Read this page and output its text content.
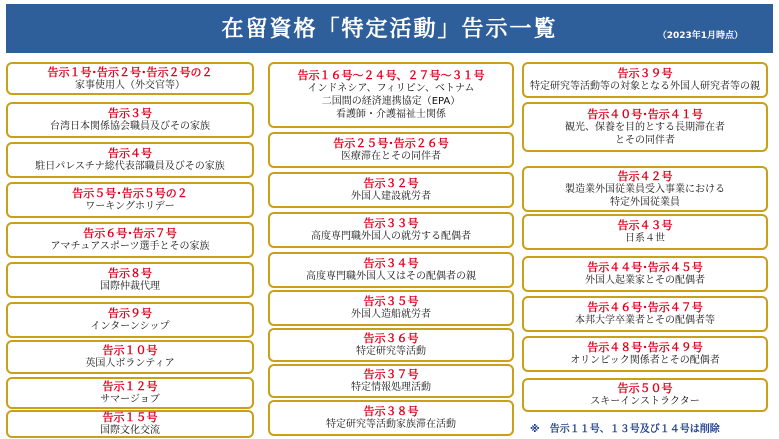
在留資格「特定活動」告示一覧	（2023年1月時点）
告示１号･告示２号･告示２号の２
家事使用人（外交官等）
告示３号
台湾日本関係協会職員及びその家族
告示４号
駐日パレスチナ総代表部職員及びその家族
告示５号･告示５号の２
ワーキングホリデー
告示６号･告示７号
アマチュアスポーツ選手とその家族
告示８号
国際仲裁代理
告示９号
インターンシップ
告示１０号
英国人ボランティア
告示１２号
サマージョブ
告示１５号
国際文化交流
告示１６号～２４号、２７号～３１号
インドネシア、フィリピン、ベトナム
二国間の経済連携協定（EPA）
看護師・介護福祉士関係
告示２５号･告示２６号
医療滞在とその同伴者
告示３２号
外国人建設就労者
告示３３号
高度専門職外国人の就労する配偶者
告示３４号
高度専門職外国人又はその配偶者の親
告示３５号
外国人造船就労者
告示３６号
特定研究等活動
告示３７号
特定情報処理活動
告示３８号
特定研究等活動家族滞在活動
告示３９号
特定研究等活動等の対象となる外国人研究者等の親
告示４０号･告示４１号
観光、保養を目的とする長期滞在者
とその同伴者
告示４２号
製造業外国従業員受入事業における
特定外国従業員
告示４３号
日系４世
告示４４号･告示４５号
外国人起業家とその配偶者
告示４６号･告示４７号
本邦大学卒業者とその配偶者等
告示４８号･告示４９号
オリンピック関係者とその配偶者
告示５０号
スキーインストラクター
※　告示１１号、１３号及び１４号は削除
